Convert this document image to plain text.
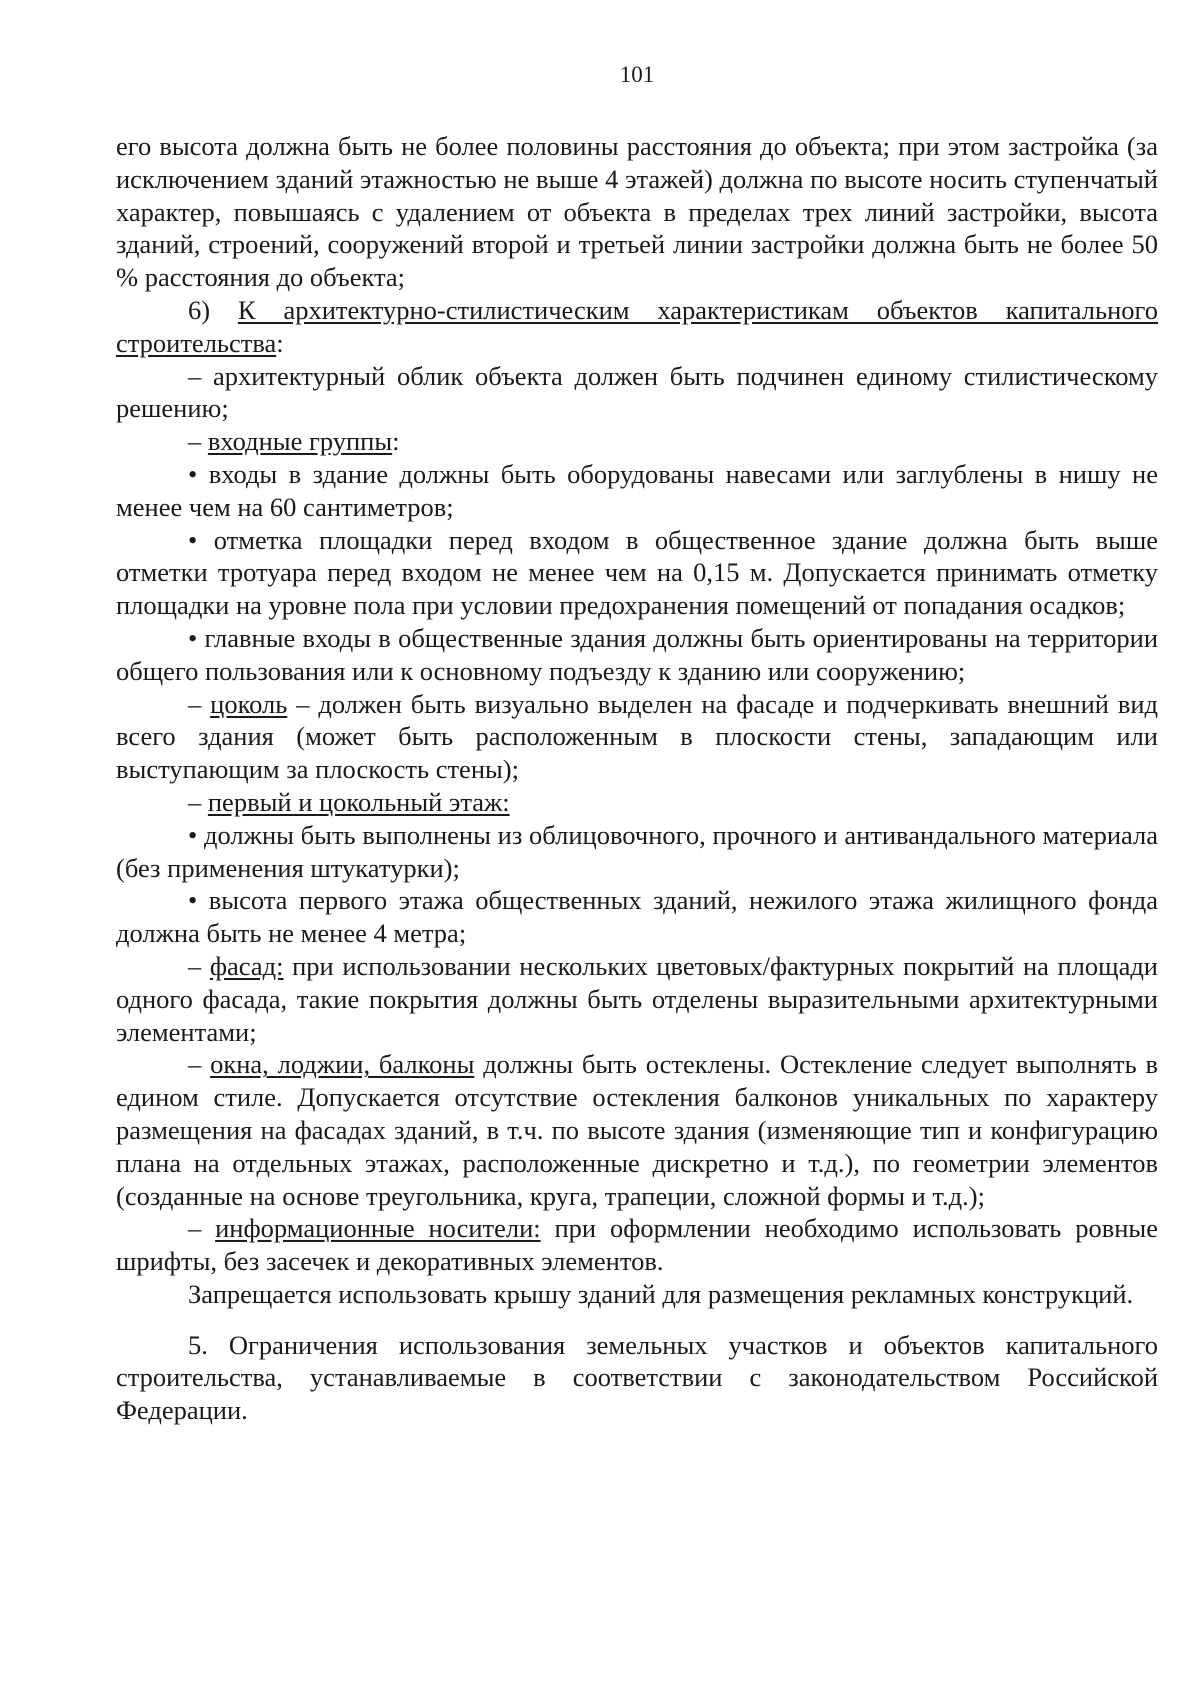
101

его высота должна быть не более половины расстояния до объекта; при этом застройка (за исключением зданий этажностью не выше 4 этажей) должна по высоте носить ступенчатый характер, повышаясь с удалением от объекта в пределах трех линий застройки, высота зданий, строений, сооружений второй и третьей линии застройки должна быть не более 50 % расстояния до объекта;

6) К архитектурно-стилистическим характеристикам объектов капитального строительства:

– архитектурный облик объекта должен быть подчинен единому стилистическому решению;

– входные группы:

• входы в здание должны быть оборудованы навесами или заглублены в нишу не менее чем на 60 сантиметров;

• отметка площадки перед входом в общественное здание должна быть выше отметки тротуара перед входом не менее чем на 0,15 м. Допускается принимать отметку площадки на уровне пола при условии предохранения помещений от попадания осадков;

• главные входы в общественные здания должны быть ориентированы на территории общего пользования или к основному подъезду к зданию или сооружению;

– цоколь – должен быть визуально выделен на фасаде и подчеркивать внешний вид всего здания (может быть расположенным в плоскости стены, западающим или выступающим за плоскость стены);

– первый и цокольный этаж:

• должны быть выполнены из облицовочного, прочного и антивандального материала (без применения штукатурки);

• высота первого этажа общественных зданий, нежилого этажа жилищного фонда должна быть не менее 4 метра;

– фасад: при использовании нескольких цветовых/фактурных покрытий на площади одного фасада, такие покрытия должны быть отделены выразительными архитектурными элементами;

– окна, лоджии, балконы должны быть остеклены. Остекление следует выполнять в едином стиле. Допускается отсутствие остекления балконов уникальных по характеру размещения на фасадах зданий, в т.ч. по высоте здания (изменяющие тип и конфигурацию плана на отдельных этажах, расположенные дискретно и т.д.), по геометрии элементов (созданные на основе треугольника, круга, трапеции, сложной формы и т.д.);

– информационные носители: при оформлении необходимо использовать ровные шрифты, без засечек и декоративных элементов.

Запрещается использовать крышу зданий для размещения рекламных конструкций.

5. Ограничения использования земельных участков и объектов капитального строительства, устанавливаемые в соответствии с законодательством Российской Федерации.
